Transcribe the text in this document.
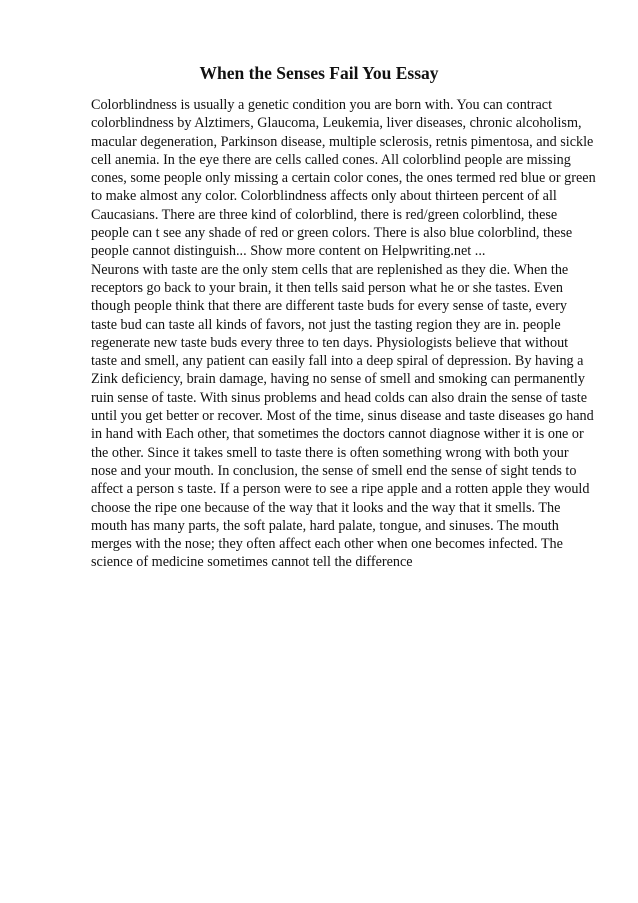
When the Senses Fail You Essay

Colorblindness is usually a genetic condition you are born with. You can contract colorblindness by Alztimers, Glaucoma, Leukemia, liver diseases, chronic alcoholism, macular degeneration, Parkinson disease, multiple sclerosis, retnis pimentosa, and sickle cell anemia. In the eye there are cells called cones. All colorblind people are missing cones, some people only missing a certain color cones, the ones termed red blue or green to make almost any color. Colorblindness affects only about thirteen percent of all Caucasians. There are three kind of colorblind, there is red/green colorblind, these people can t see any shade of red or green colors. There is also blue colorblind, these people cannot distinguish... Show more content on Helpwriting.net ...

Neurons with taste are the only stem cells that are replenished as they die. When the receptors go back to your brain, it then tells said person what he or she tastes. Even though people think that there are different taste buds for every sense of taste, every taste bud can taste all kinds of favors, not just the tasting region they are in. people regenerate new taste buds every three to ten days. Physiologists believe that without taste and smell, any patient can easily fall into a deep spiral of depression. By having a Zink deficiency, brain damage, having no sense of smell and smoking can permanently ruin sense of taste. With sinus problems and head colds can also drain the sense of taste until you get better or recover. Most of the time, sinus disease and taste diseases go hand in hand with Each other, that sometimes the doctors cannot diagnose wither it is one or the other. Since it takes smell to taste there is often something wrong with both your nose and your mouth. In conclusion, the sense of smell end the sense of sight tends to affect a person s taste. If a person were to see a ripe apple and a rotten apple they would choose the ripe one because of the way that it looks and the way that it smells. The mouth has many parts, the soft palate, hard palate, tongue, and sinuses. The mouth merges with the nose; they often affect each other when one becomes infected. The science of medicine sometimes cannot tell the difference
